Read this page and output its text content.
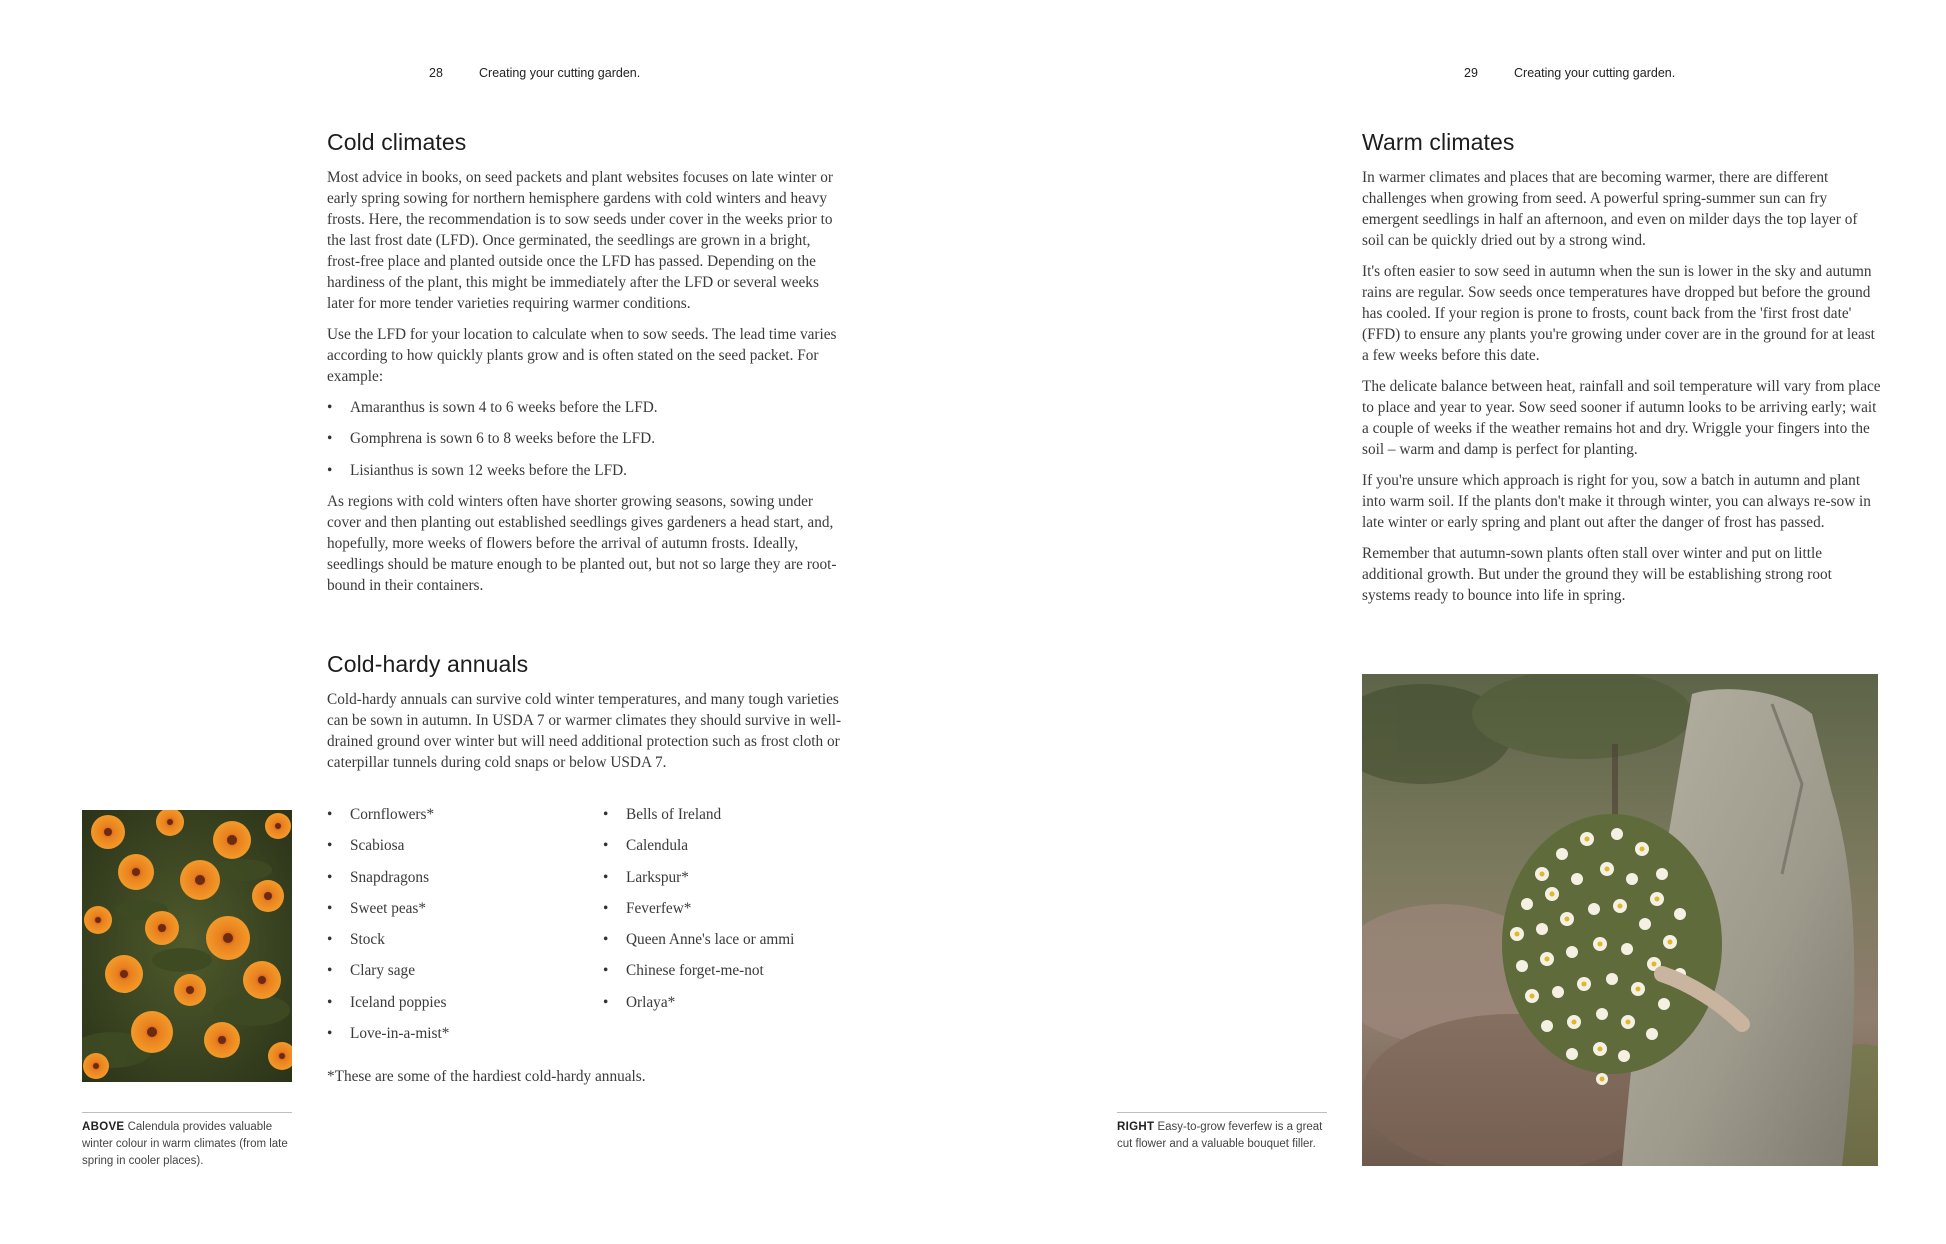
28	Creating your cutting garden.
Cold climates

Most advice in books, on seed packets and plant websites focuses on late winter or early spring sowing for northern hemisphere gardens with cold winters and heavy frosts. Here, the recommendation is to sow seeds under cover in the weeks prior to the last frost date (LFD). Once germinated, the seedlings are grown in a bright, frost-free place and planted outside once the LFD has passed. Depending on the hardiness of the plant, this might be immediately after the LFD or several weeks later for more tender varieties requiring warmer conditions.

Use the LFD for your location to calculate when to sow seeds. The lead time varies according to how quickly plants grow and is often stated on the seed packet. For example:

• Amaranthus is sown 4 to 6 weeks before the LFD.
• Gomphrena is sown 6 to 8 weeks before the LFD.
• Lisianthus is sown 12 weeks before the LFD.

As regions with cold winters often have shorter growing seasons, sowing under cover and then planting out established seedlings gives gardeners a head start, and, hopefully, more weeks of flowers before the arrival of autumn frosts. Ideally, seedlings should be mature enough to be planted out, but not so large they are root-bound in their containers.

Cold-hardy annuals

Cold-hardy annuals can survive cold winter temperatures, and many tough varieties can be sown in autumn. In USDA 7 or warmer climates they should survive in well-drained ground over winter but will need additional protection such as frost cloth or caterpillar tunnels during cold snaps or below USDA 7.

• Cornflowers*
• Scabiosa
• Snapdragons
• Sweet peas*
• Stock
• Clary sage
• Iceland poppies
• Love-in-a-mist*
• Bells of Ireland
• Calendula
• Larkspur*
• Feverfew*
• Queen Anne's lace or ammi
• Chinese forget-me-not
• Orlaya*
*These are some of the hardiest cold-hardy annuals.
ABOVE Calendula provides valuable winter colour in warm climates (from late spring in cooler places).
29	Creating your cutting garden.
Warm climates

In warmer climates and places that are becoming warmer, there are different challenges when growing from seed. A powerful spring-summer sun can fry emergent seedlings in half an afternoon, and even on milder days the top layer of soil can be quickly dried out by a strong wind.

It's often easier to sow seed in autumn when the sun is lower in the sky and autumn rains are regular. Sow seeds once temperatures have dropped but before the ground has cooled. If your region is prone to frosts, count back from the 'first frost date' (FFD) to ensure any plants you're growing under cover are in the ground for at least a few weeks before this date.

The delicate balance between heat, rainfall and soil temperature will vary from place to place and year to year. Sow seed sooner if autumn looks to be arriving early; wait a couple of weeks if the weather remains hot and dry. Wriggle your fingers into the soil – warm and damp is perfect for planting.

If you're unsure which approach is right for you, sow a batch in autumn and plant into warm soil. If the plants don't make it through winter, you can always re-sow in late winter or early spring and plant out after the danger of frost has passed.

Remember that autumn-sown plants often stall over winter and put on little additional growth. But under the ground they will be establishing strong root systems ready to bounce into life in spring.

RIGHT Easy-to-grow feverfew is a great cut flower and a valuable bouquet filler.
